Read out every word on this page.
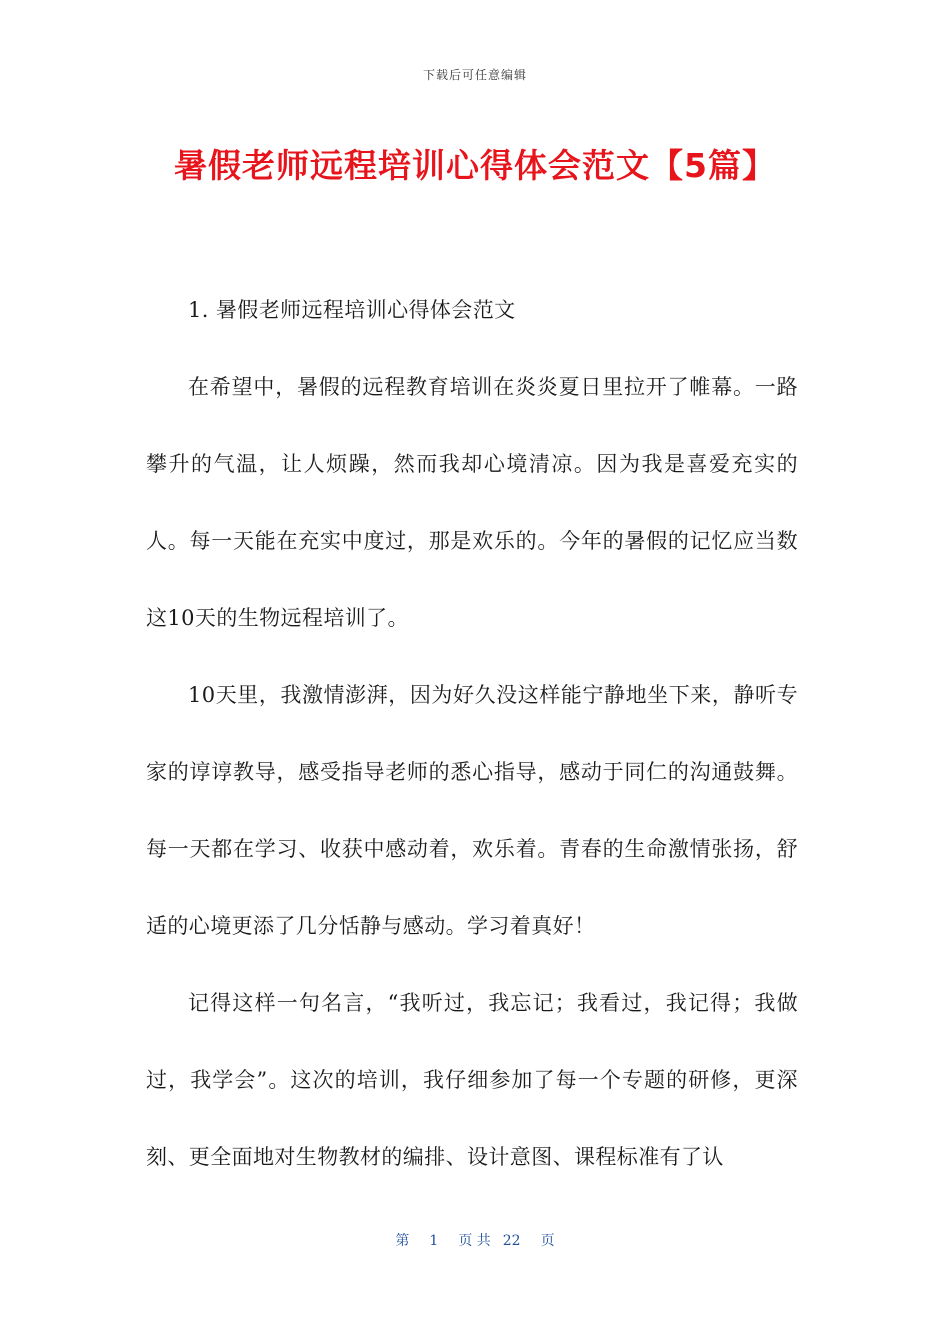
下载后可任意编辑
暑假老师远程培训心得体会范文【5篇】

1. 暑假老师远程培训心得体会范文

在希望中，暑假的远程教育培训在炎炎夏日里拉开了帷幕。一路攀升的气温，让人烦躁，然而我却心境清凉。因为我是喜爱充实的人。每一天能在充实中度过，那是欢乐的。今年的暑假的记忆应当数这10天的生物远程培训了。

10天里，我激情澎湃，因为好久没这样能宁静地坐下来，静听专家的谆谆教导，感受指导老师的悉心指导，感动于同仁的沟通鼓舞。每一天都在学习、收获中感动着，欢乐着。青春的生命激情张扬，舒适的心境更添了几分恬静与感动。学习着真好！

记得这样一句名言，“我听过，我忘记；我看过，我记得；我做过，我学会”。这次的培训，我仔细参加了每一个专题的研修，更深刻、更全面地对生物教材的编排、设计意图、课程标准有了认

第 1 页 共 22 页
